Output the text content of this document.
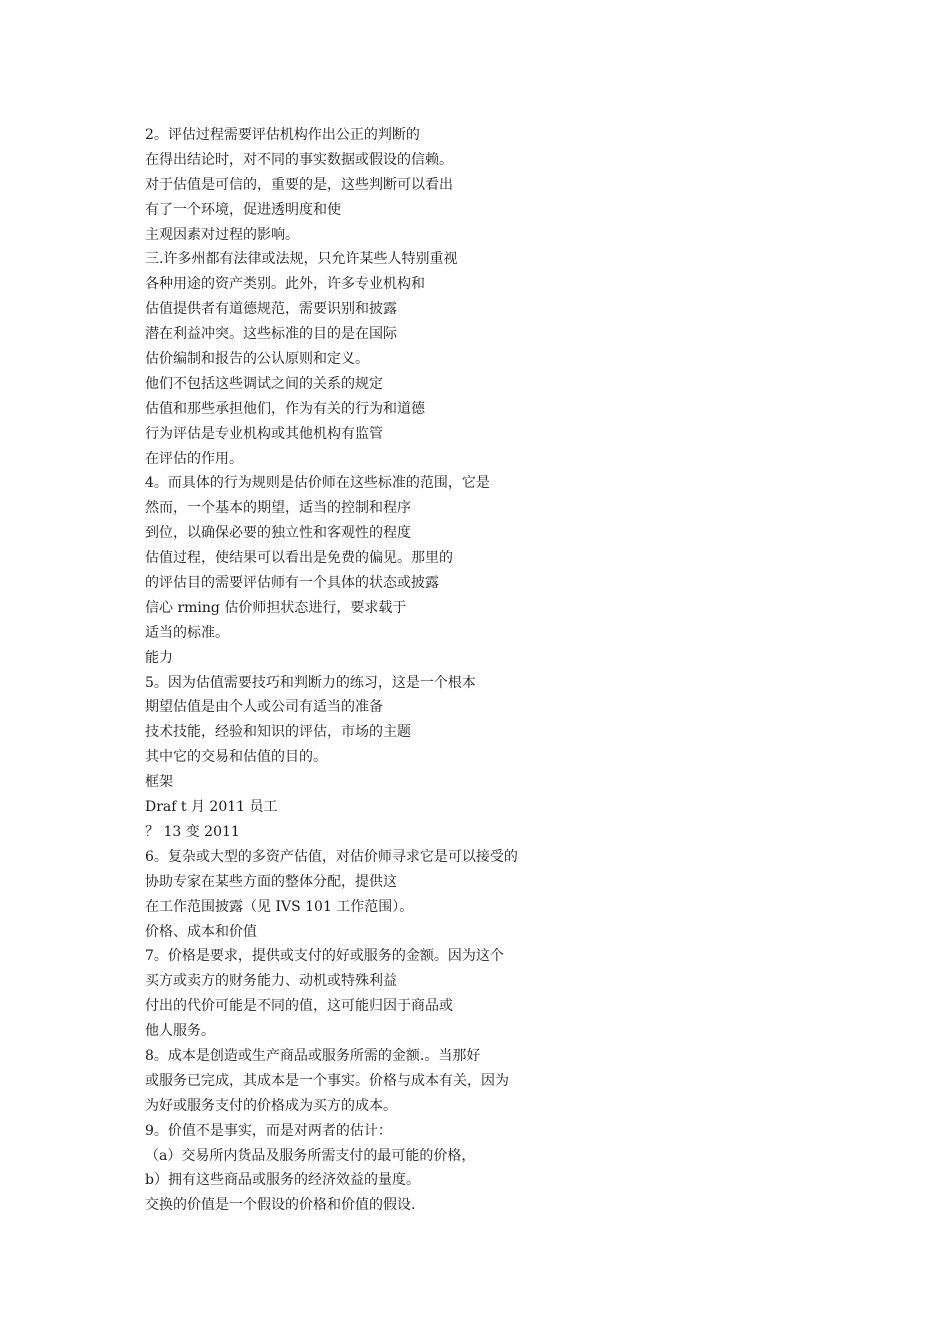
2。评估过程需要评估机构作出公正的判断的
在得出结论时，对不同的事实数据或假设的信赖。
对于估值是可信的，重要的是，这些判断可以看出
有了一个环境，促进透明度和使
主观因素对过程的影响。
三.许多州都有法律或法规，只允许某些人特别重视
各种用途的资产类别。此外，许多专业机构和
估值提供者有道德规范，需要识别和披露
潜在利益冲突。这些标准的目的是在国际
估价编制和报告的公认原则和定义。
他们不包括这些调试之间的关系的规定
估值和那些承担他们，作为有关的行为和道德
行为评估是专业机构或其他机构有监管
在评估的作用。
4。而具体的行为规则是估价师在这些标准的范围，它是
然而，一个基本的期望，适当的控制和程序
到位，以确保必要的独立性和客观性的程度
估值过程，使结果可以看出是免费的偏见。那里的
的评估目的需要评估师有一个具体的状态或披露
信心 rming 估价师担状态进行，要求载于
适当的标准。
能力
5。因为估值需要技巧和判断力的练习，这是一个根本
期望估值是由个人或公司有适当的准备
技术技能，经验和知识的评估，市场的主题
其中它的交易和估值的目的。
框架
Draf t 月 2011 员工
？ 13 变 2011
6。复杂或大型的多资产估值，对估价师寻求它是可以接受的
协助专家在某些方面的整体分配，提供这
在工作范围披露（见 IVS 101 工作范围）。
价格、成本和价值
7。价格是要求，提供或支付的好或服务的金额。因为这个
买方或卖方的财务能力、动机或特殊利益
付出的代价可能是不同的值，这可能归因于商品或
他人服务。
8。成本是创造或生产商品或服务所需的金额.。当那好
或服务已完成，其成本是一个事实。价格与成本有关，因为
为好或服务支付的价格成为买方的成本。
9。价值不是事实，而是对两者的估计：
（a）交易所内货品及服务所需支付的最可能的价格，
b）拥有这些商品或服务的经济效益的量度。
交换的价值是一个假设的价格和价值的假设.
